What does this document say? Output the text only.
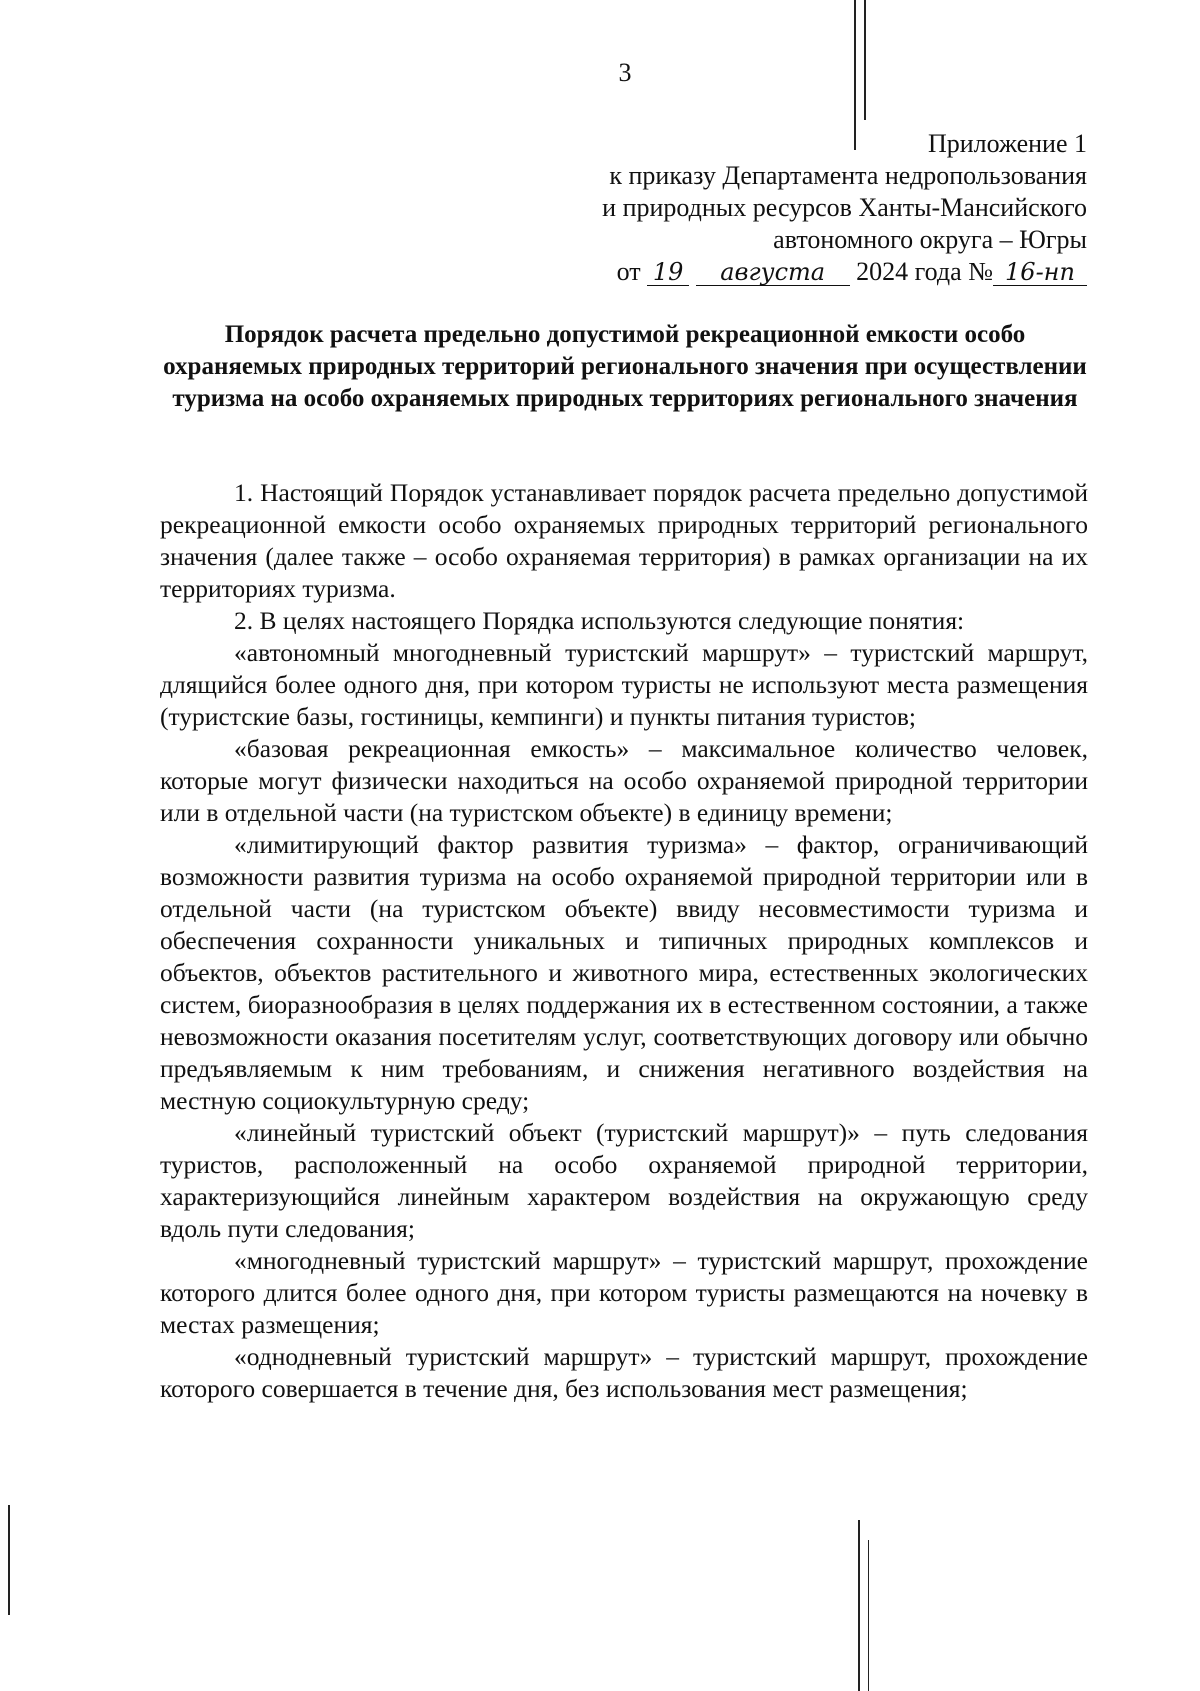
3
Приложение 1
к приказу Департамента недропользования
и природных ресурсов Ханты-Мансийского
автономного округа – Югры
от 19 августа 2024 года № 16-нп
Порядок расчета предельно допустимой рекреационной емкости особо охраняемых природных территорий регионального значения при осуществлении туризма на особо охраняемых природных территориях регионального значения

1. Настоящий Порядок устанавливает порядок расчета предельно допустимой рекреационной емкости особо охраняемых природных территорий регионального значения (далее также – особо охраняемая территория) в рамках организации на их территориях туризма.

2. В целях настоящего Порядка используются следующие понятия:

«автономный многодневный туристский маршрут» – туристский маршрут, длящийся более одного дня, при котором туристы не используют места размещения (туристские базы, гостиницы, кемпинги) и пункты питания туристов;

«базовая рекреационная емкость» – максимальное количество человек, которые могут физически находиться на особо охраняемой природной территории или в отдельной части (на туристском объекте) в единицу времени;

«лимитирующий фактор развития туризма» – фактор, ограничивающий возможности развития туризма на особо охраняемой природной территории или в отдельной части (на туристском объекте) ввиду несовместимости туризма и обеспечения сохранности уникальных и типичных природных комплексов и объектов, объектов растительного и животного мира, естественных экологических систем, биоразнообразия в целях поддержания их в естественном состоянии, а также невозможности оказания посетителям услуг, соответствующих договору или обычно предъявляемым к ним требованиям, и снижения негативного воздействия на местную социокультурную среду;

«линейный туристский объект (туристский маршрут)» – путь следования туристов, расположенный на особо охраняемой природной территории, характеризующийся линейным характером воздействия на окружающую среду вдоль пути следования;

«многодневный туристский маршрут» – туристский маршрут, прохождение которого длится более одного дня, при котором туристы размещаются на ночевку в местах размещения;

«однодневный туристский маршрут» – туристский маршрут, прохождение которого совершается в течение дня, без использования мест размещения;
